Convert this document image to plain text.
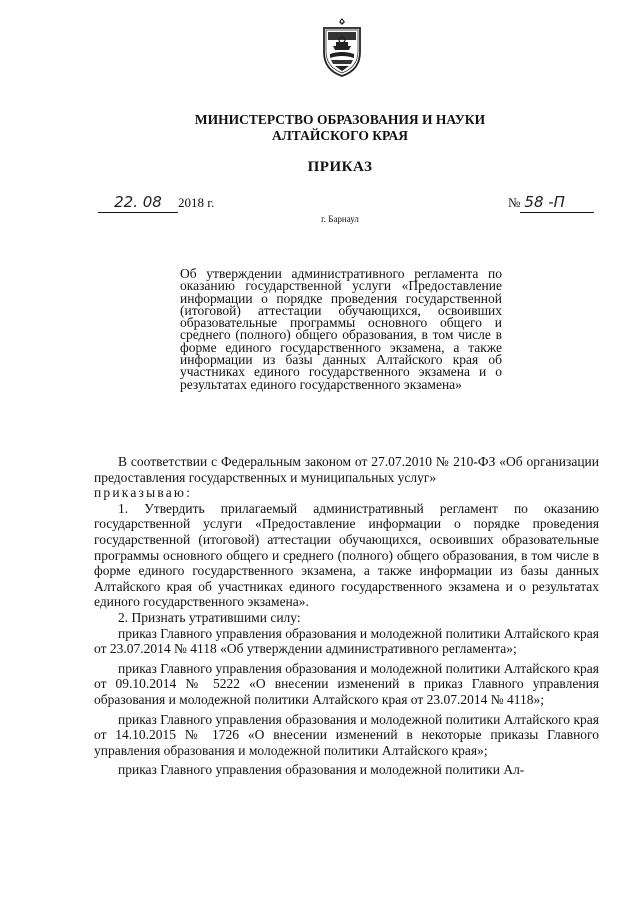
МИНИСТЕРСТВО ОБРАЗОВАНИЯ И НАУКИ
АЛТАЙСКОГО КРАЯ
ПРИКАЗ
22. 08 2018 г.	№ 58 -П
г. Барнаул

Об утверждении административного регламента по оказанию государственной услуги «Предоставление информации о порядке проведения государственной (итоговой) аттестации обучающихся, освоивших образовательные программы основного общего и среднего (полного) общего образования, в том числе в форме единого государственного экзамена, а также информации из базы данных Алтайского края об участниках единого государственного экзамена и о результатах единого государственного экзамена»

В соответствии с Федеральным законом от 27.07.2010 № 210-ФЗ «Об организации предоставления государственных и муниципальных услуг»

приказываю:

1. Утвердить прилагаемый административный регламент по оказанию государственной услуги «Предоставление информации о порядке проведения государственной (итоговой) аттестации обучающихся, освоивших образовательные программы основного общего и среднего (полного) общего образования, в том числе в форме единого государственного экзамена, а также информации из базы данных Алтайского края об участниках единого государственного экзамена и о результатах единого государственного экзамена».

2. Признать утратившими силу:

приказ Главного управления образования и молодежной политики Алтайского края от 23.07.2014 № 4118 «Об утверждении административного регламента»;

приказ Главного управления образования и молодежной политики Алтайского края от 09.10.2014 № 5222 «О внесении изменений в приказ Главного управления образования и молодежной политики Алтайского края от 23.07.2014 № 4118»;

приказ Главного управления образования и молодежной политики Алтайского края от 14.10.2015 № 1726 «О внесении изменений в некоторые приказы Главного управления образования и молодежной политики Алтайского края»;

приказ Главного управления образования и молодежной политики Ал-
